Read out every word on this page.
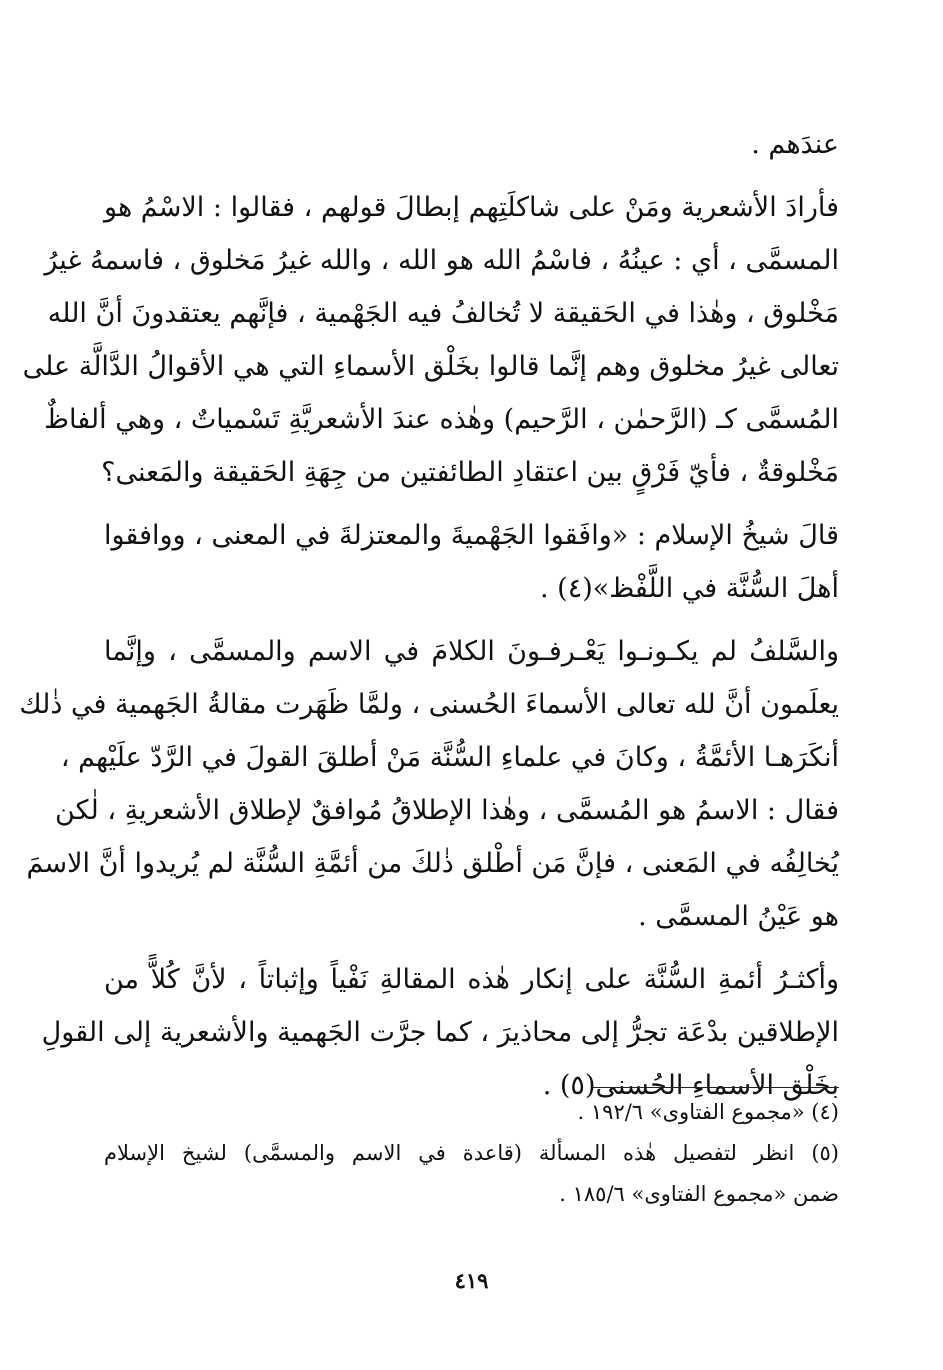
عندَهم .
فأرادَ الأشعرية ومَنْ على شاكلَتِهم إبطالَ قولهم ، فقالوا : الاسْمُ هو
المسمَّى ، أي : عينُهُ ، فاسْمُ الله هو الله ، والله غيرُ مَخلوق ، فاسمهُ غيرُ
مَخْلوق ، وهٰذا في الحَقيقة لا تُخالفُ فيه الجَهْمية ، فإنَّهم يعتقدونَ أنَّ الله
تعالى غيرُ مخلوق وهم إنَّما قالوا بخَلْق الأسماءِ التي هي الأقوالُ الدَّالَّة على
المُسمَّى كـ (الرَّحمٰن ، الرَّحيم) وهٰذه عندَ الأشعريَّةِ تَسْمياتٌ ، وهي ألفاظٌ
مَخْلوقةٌ ، فأيّ فَرْقٍ بين اعتقادِ الطائفتين من جِهَةِ الحَقيقة والمَعنى؟
قالَ شيخُ الإسلام : «وافَقوا الجَهْميةَ والمعتزلةَ في المعنى ، ووافقوا
أهلَ السُّنَّة في اللَّفْظ»(٤) .
والسَّلفُ لم يكـونـوا يَعْـرفـونَ الكلامَ في الاسم والمسمَّى ، وإنَّما
يعلَمون أنَّ لله تعالى الأسماءَ الحُسنى ، ولمَّا ظَهَرت مقالةُ الجَهمية في ذٰلك
أنكَرَهـا الأئمَّةُ ، وكانَ في علماءِ السُّنَّة مَنْ أطلقَ القولَ في الرَّدّ علَيْهم ،
فقال : الاسمُ هو المُسمَّى ، وهٰذا الإطلاقُ مُوافقٌ لإطلاق الأشعريةِ ، لٰكن
يُخالِفُه في المَعنى ، فإنَّ مَن أطْلق ذٰلكَ من أئمَّةِ السُّنَّة لم يُريدوا أنَّ الاسمَ
هو عَيْنُ المسمَّى .
وأكثـرُ أئمةِ السُّنَّة على إنكار هٰذه المقالةِ نَفْياً وإثباتاً ، لأنَّ كُلاًّ من
الإطلاقين بدْعَة تجرُّ إلى محاذيرَ ، كما جرَّت الجَهمية والأشعرية إلى القولِ
بخَلْق الأسماءِ الحُسنى(٥) .
(٤) «مجموع الفتاوى» ١٩٢/٦ .
(٥) انظر لتفصيل هٰذه المسألة (قاعدة في الاسم والمسمَّى) لشيخ الإسلام
ضمن «مجموع الفتاوى» ١٨٥/٦ .
٤١٩
